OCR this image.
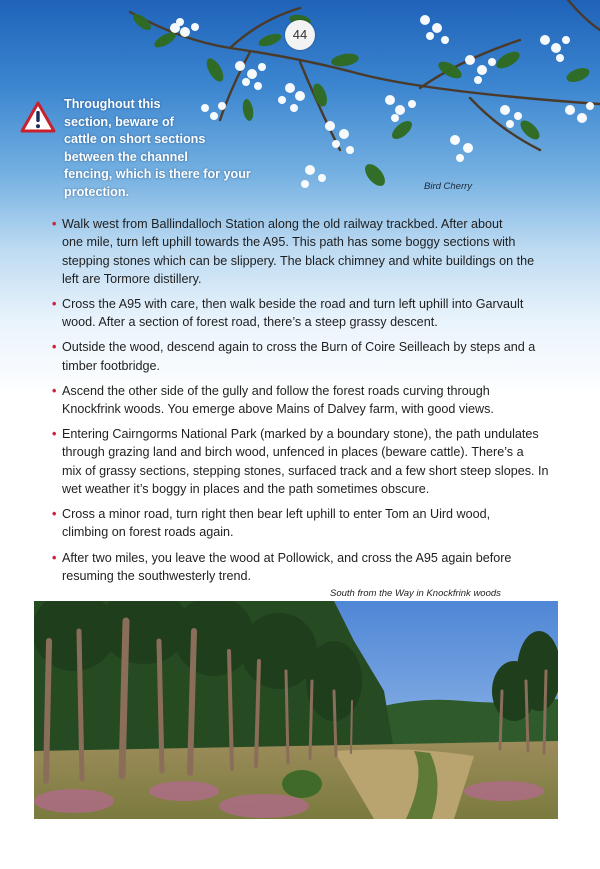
44
Throughout this
section, beware of
cattle on short sections
between the channel
fencing, which is there for your
protection.	Bird Cherry
• Walk west from Ballindalloch Station along the old railway trackbed. After about
one mile, turn left uphill towards the A95. This path has some boggy sections with
stepping stones which can be slippery. The black chimney and white buildings on the
left are Tormore distillery.
• Cross the A95 with care, then walk beside the road and turn left uphill into Garvault
wood. After a section of forest road, there’s a steep grassy descent.
• Outside the wood, descend again to cross the Burn of Coire Seilleach by steps and a
timber footbridge.
• Ascend the other side of the gully and follow the forest roads curving through
Knockfrink woods. You emerge above Mains of Dalvey farm, with good views.
• Entering Cairngorms National Park (marked by a boundary stone), the path undulates
through grazing land and birch wood, unfenced in places (beware cattle). There’s a
mix of grassy sections, stepping stones, surfaced track and a few short steep slopes. In
wet weather it’s boggy in places and the path sometimes obscure.
• Cross a minor road, turn right then bear left uphill to enter Tom an Uird wood,
climbing on forest roads again.
• After two miles, you leave the wood at Pollowick, and cross the A95 again before
resuming the southwesterly trend.
South from the Way in Knockfrink woods
